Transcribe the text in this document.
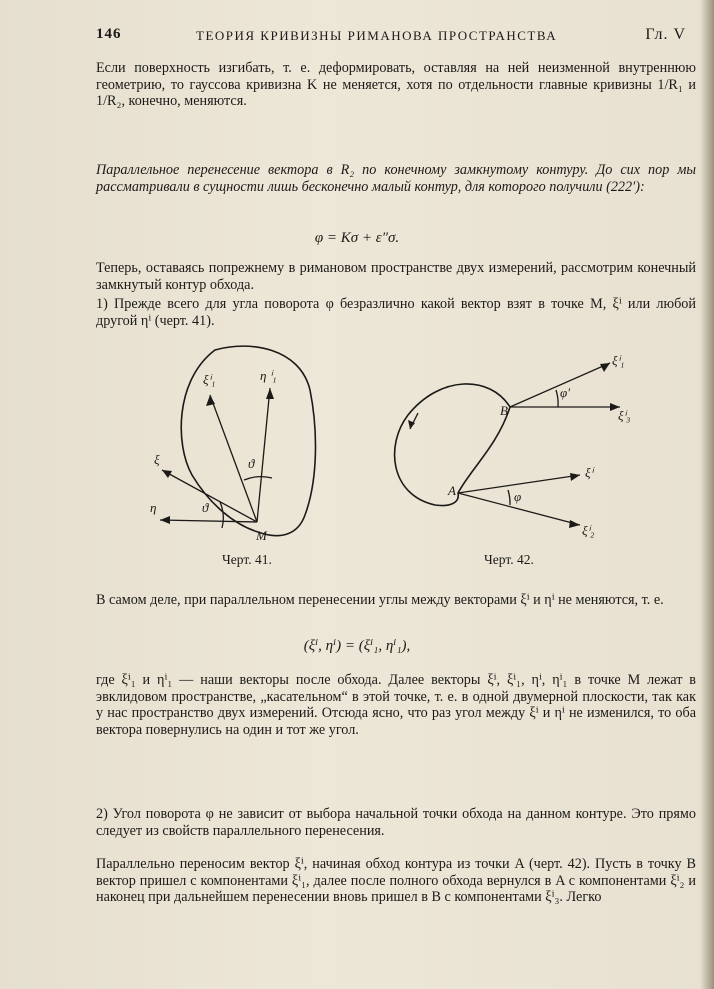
146	ТЕОРИЯ КРИВИЗНЫ РИМАНОВА ПРОСТРАНСТВА	Гл. V
Если поверхность изгибать, т. е. деформировать, оставляя на ней неизменной внутреннюю геометрию, то гауссова кривизна K не меняется, хотя по отдельности главные кривизны 1/R₁ и 1/R₂, конечно, меняются.
Параллельное перенесение вектора в R₂ по конечному замкнутому контуру. До сих пор мы рассматривали в сущности лишь бесконечно малый контур, для которого получили (222′):
φ = Kσ + ε″σ.
Теперь, оставаясь попрежнему в римановом пространстве двух измерений, рассмотрим конечный замкнутый контур обхода.
1) Прежде всего для угла поворота φ безразлично какой вектор взят в точке M, ξⁱ или любой другой ηⁱ (черт. 41).
ξⁱ₁	η ⁱ₁
ξ
η
ϑ
ϑ
M
B
A
ξⁱ₁
ξⁱ₃
ξⁱ
ξⁱ₂
φ′
φ
Черт. 41.	Черт. 42.
В самом деле, при параллельном перенесении углы между векторами ξⁱ и ηⁱ не меняются, т. е.
(ξⁱ, ηⁱ) = (ξⁱ₁, ηⁱ₁),
где ξⁱ₁ и ηⁱ₁ — наши векторы после обхода. Далее векторы ξⁱ, ξⁱ₁, ηⁱ, ηⁱ₁ в точке M лежат в эвклидовом пространстве, „касательном“ в этой точке, т. е. в одной двумерной плоскости, так как у нас пространство двух измерений. Отсюда ясно, что раз угол между ξⁱ и ηⁱ не изменился, то оба вектора повернулись на один и тот же угол.
2) Угол поворота φ не зависит от выбора начальной точки обхода на данном контуре. Это прямо следует из свойств параллельного перенесения.
Параллельно переносим вектор ξⁱ, начиная обход контура из точки A (черт. 42). Пусть в точку B вектор пришел с компонентами ξⁱ₁, далее после полного обхода вернулся в A с компонентами ξⁱ₂ и наконец при дальнейшем перенесении вновь пришел в B с компонентами ξⁱ₃. Легко
